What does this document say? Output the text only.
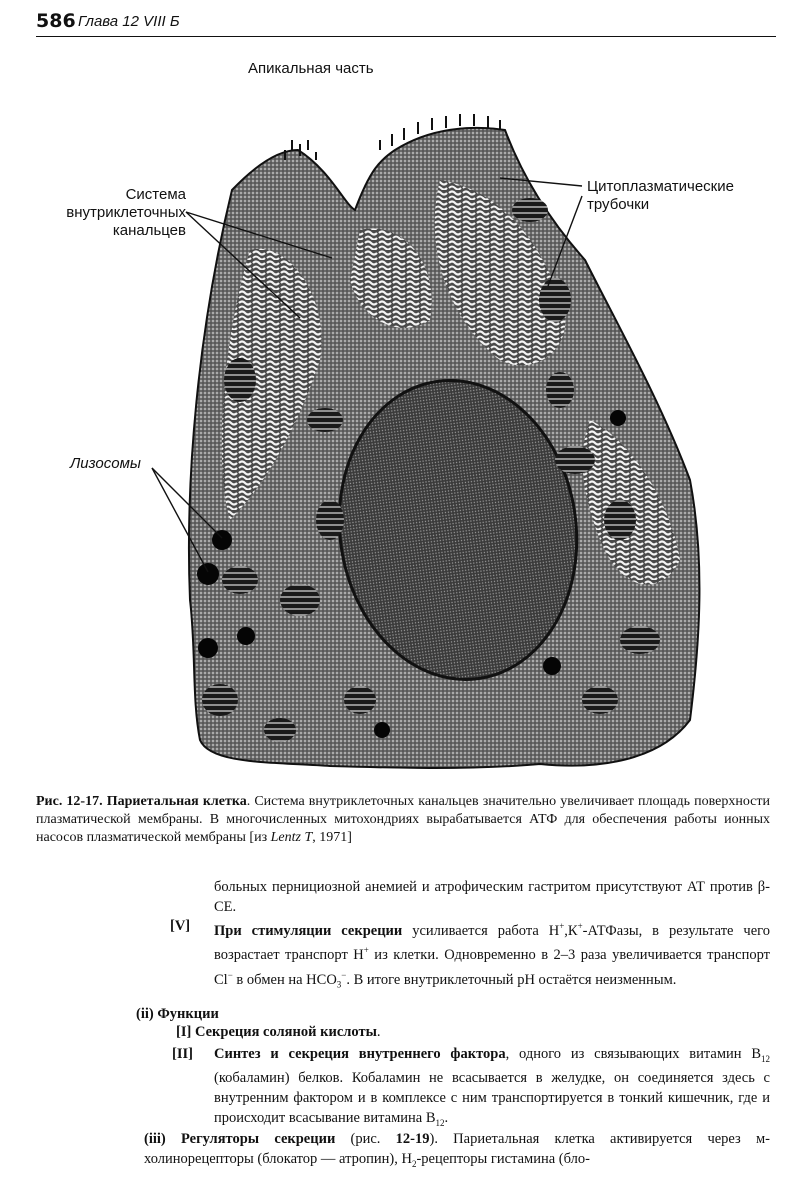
586 Глава 12 VIII Б
Апикальная часть
Система
внутриклеточных
канальцев
Цитоплазматические
трубочки
Лизосомы
Рис. 12-17. Париетальная клетка. Система внутриклеточных канальцев значительно увеличивает площадь поверхности плазматической мембраны. В многочисленных митохондриях вырабатывается АТФ для обеспечения работы ионных насосов плазматической мембраны [из Lentz T, 1971]
больных пернициозной анемией и атрофическим гастритом присутствуют АТ против β-СЕ.
[V] При стимуляции секреции усиливается работа Н+,К+-АТФазы, в результате чего возрастает транспорт Н+ из клетки. Одновременно в 2–3 раза увеличивается транспорт Cl− в обмен на $HCO_3^-$. В итоге внутриклеточный pH остаётся неизменным.
(ii) Функции
[I] Секреция соляной кислоты.
[II] Синтез и секреция внутреннего фактора, одного из связывающих витамин $В_{12}$ (кобаламин) белков. Кобаламин не всасывается в желудке, он соединяется здесь с внутренним фактором и в комплексе с ним транспортируется в тонкий кишечник, где и происходит всасывание витамина $В_{12}$.
(iii) Регуляторы секреции (рис. 12-19). Париетальная клетка активируется через м-холинорецепторы (блокатор — атропин), $Н_2$-рецепторы гистамина (бло-
